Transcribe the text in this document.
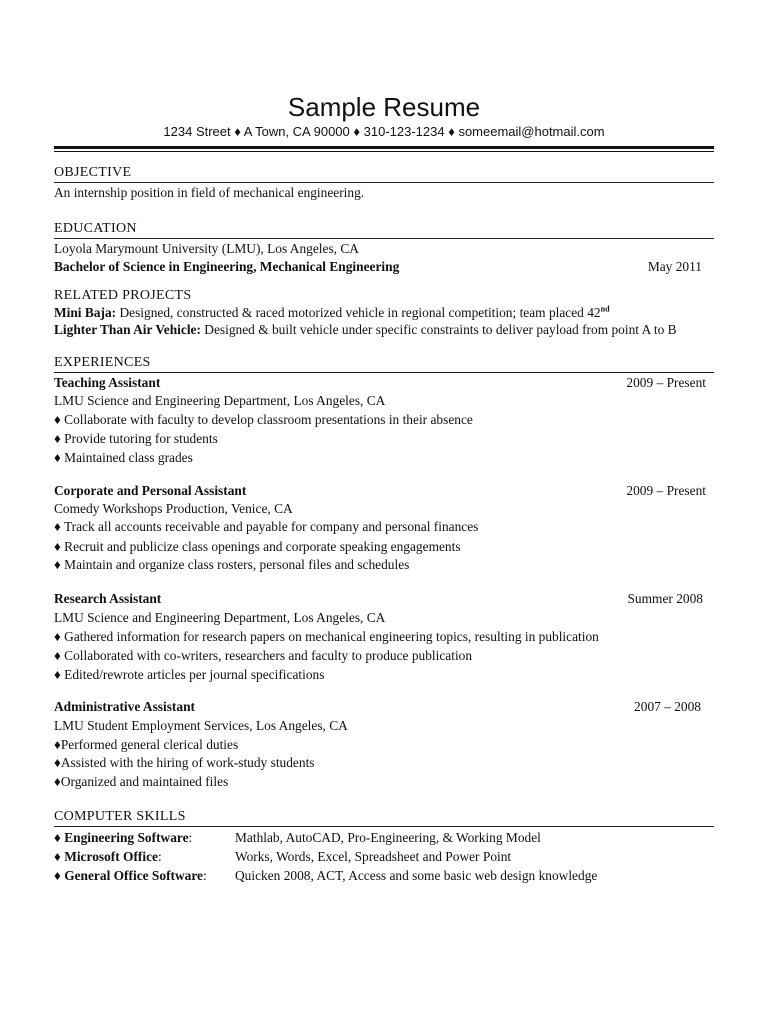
Sample Resume
1234 Street ♦ A Town, CA 90000 ♦ 310-123-1234 ♦ someemail@hotmail.com
OBJECTIVE
An internship position in field of mechanical engineering.
EDUCATION
Loyola Marymount University (LMU), Los Angeles, CA
Bachelor of Science in Engineering, Mechanical Engineering	May 2011
RELATED PROJECTS
Mini Baja: Designed, constructed & raced motorized vehicle in regional competition; team placed 42nd
Lighter Than Air Vehicle: Designed & built vehicle under specific constraints to deliver payload from point A to B
EXPERIENCES
Teaching Assistant	2009 – Present
LMU Science and Engineering Department, Los Angeles, CA
♦ Collaborate with faculty to develop classroom presentations in their absence
♦ Provide tutoring for students
♦ Maintained class grades
Corporate and Personal Assistant	2009 – Present
Comedy Workshops Production, Venice, CA
♦ Track all accounts receivable and payable for company and personal finances
♦ Recruit and publicize class openings and corporate speaking engagements
♦ Maintain and organize class rosters, personal files and schedules
Research Assistant	Summer 2008
LMU Science and Engineering Department, Los Angeles, CA
♦ Gathered information for research papers on mechanical engineering topics, resulting in publication
♦ Collaborated with co-writers, researchers and faculty to produce publication
♦ Edited/rewrote articles per journal specifications
Administrative Assistant	2007 – 2008
LMU Student Employment Services, Los Angeles, CA
♦Performed general clerical duties
♦Assisted with the hiring of work-study students
♦Organized and maintained files
COMPUTER SKILLS
♦ Engineering Software:	Mathlab, AutoCAD, Pro-Engineering, & Working Model
♦ Microsoft Office:	Works, Words, Excel, Spreadsheet and Power Point
♦ General Office Software: Quicken 2008, ACT, Access and some basic web design knowledge
